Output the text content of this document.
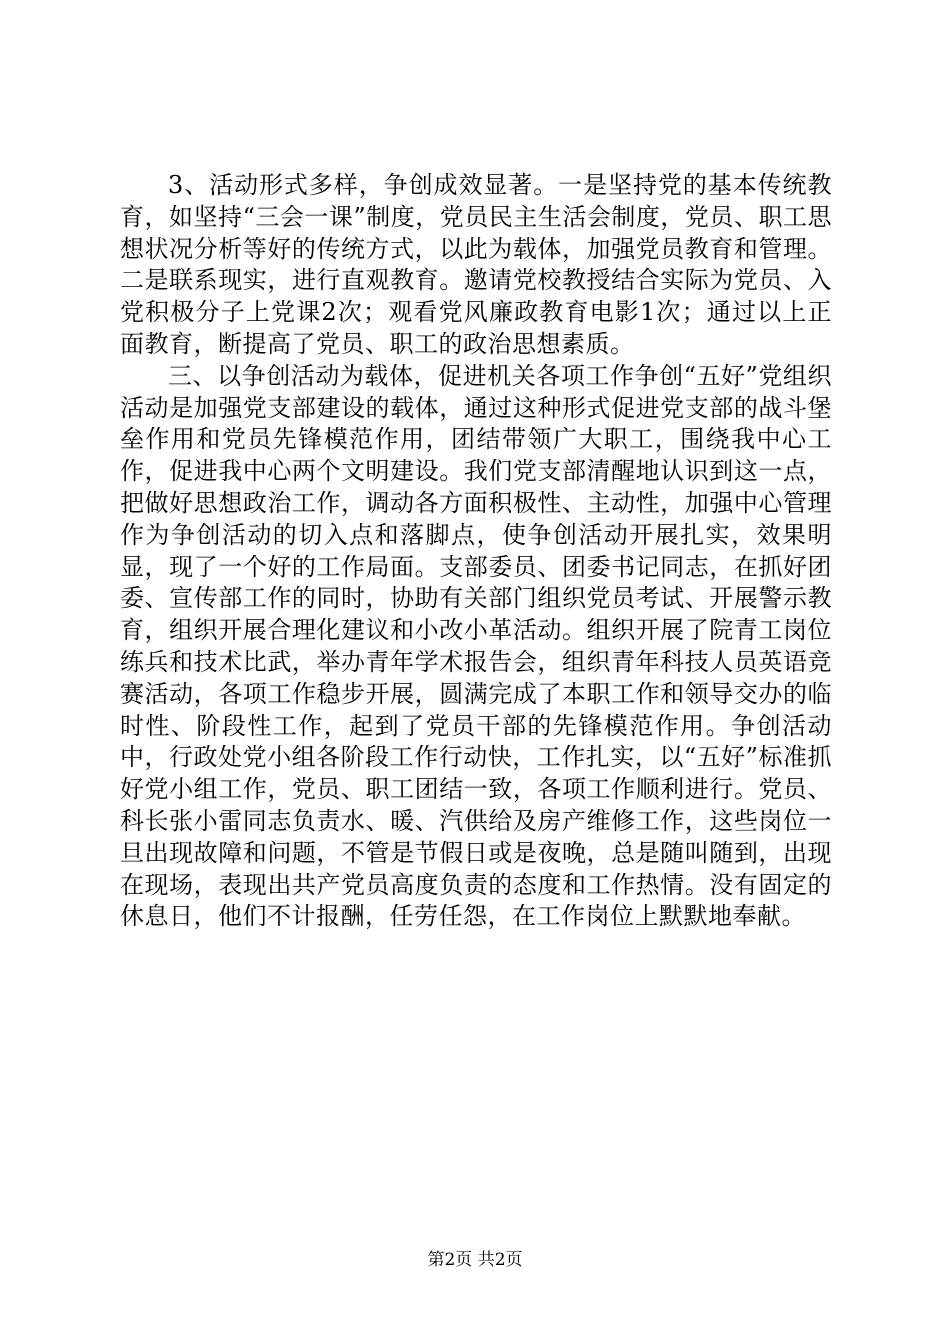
3、活动形式多样，争创成效显著。一是坚持党的基本传统教育，如坚持“三会一课”制度，党员民主生活会制度，党员、职工思想状况分析等好的传统方式，以此为载体，加强党员教育和管理。二是联系现实，进行直观教育。邀请党校教授结合实际为党员、入党积极分子上党课2次；观看党风廉政教育电影1次；通过以上正面教育，断提高了党员、职工的政治思想素质。

三、以争创活动为载体，促进机关各项工作争创“五好”党组织活动是加强党支部建设的载体，通过这种形式促进党支部的战斗堡垒作用和党员先锋模范作用，团结带领广大职工，围绕我中心工作，促进我中心两个文明建设。我们党支部清醒地认识到这一点，把做好思想政治工作，调动各方面积极性、主动性，加强中心管理作为争创活动的切入点和落脚点，使争创活动开展扎实，效果明显，现了一个好的工作局面。支部委员、团委书记同志，在抓好团委、宣传部工作的同时，协助有关部门组织党员考试、开展警示教育，组织开展合理化建议和小改小革活动。组织开展了院青工岗位练兵和技术比武，举办青年学术报告会，组织青年科技人员英语竞赛活动，各项工作稳步开展，圆满完成了本职工作和领导交办的临时性、阶段性工作，起到了党员干部的先锋模范作用。争创活动中，行政处党小组各阶段工作行动快，工作扎实，以“五好”标准抓好党小组工作，党员、职工团结一致，各项工作顺利进行。党员、科长张小雷同志负责水、暖、汽供给及房产维修工作，这些岗位一旦出现故障和问题，不管是节假日或是夜晚，总是随叫随到，出现在现场，表现出共产党员高度负责的态度和工作热情。没有固定的休息日，他们不计报酬，任劳任怨，在工作岗位上默默地奉献。

第2页 共2页
